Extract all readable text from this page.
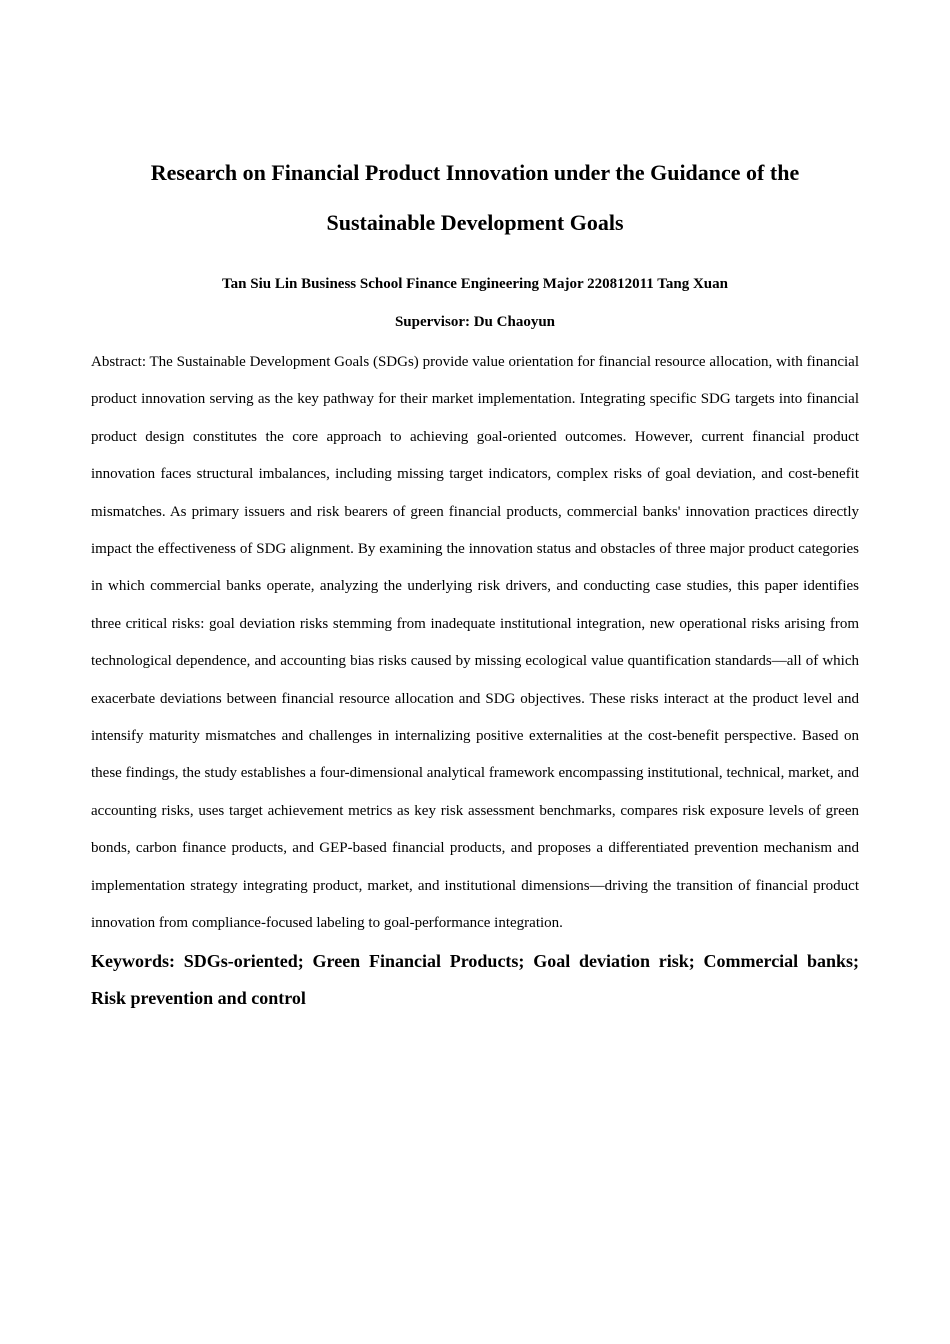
Research on Financial Product Innovation under the Guidance of the
Sustainable Development Goals

Tan Siu Lin Business School Finance Engineering Major 220812011 Tang Xuan

Supervisor: Du Chaoyun

Abstract: The Sustainable Development Goals (SDGs) provide value orientation for financial resource allocation, with financial product innovation serving as the key pathway for their market implementation. Integrating specific SDG targets into financial product design constitutes the core approach to achieving goal-oriented outcomes. However, current financial product innovation faces structural imbalances, including missing target indicators, complex risks of goal deviation, and cost-benefit mismatches. As primary issuers and risk bearers of green financial products, commercial banks' innovation practices directly impact the effectiveness of SDG alignment. By examining the innovation status and obstacles of three major product categories in which commercial banks operate, analyzing the underlying risk drivers, and conducting case studies, this paper identifies three critical risks: goal deviation risks stemming from inadequate institutional integration, new operational risks arising from technological dependence, and accounting bias risks caused by missing ecological value quantification standards—all of which exacerbate deviations between financial resource allocation and SDG objectives. These risks interact at the product level and intensify maturity mismatches and challenges in internalizing positive externalities at the cost-benefit perspective. Based on these findings, the study establishes a four-dimensional analytical framework encompassing institutional, technical, market, and accounting risks, uses target achievement metrics as key risk assessment benchmarks, compares risk exposure levels of green bonds, carbon finance products, and GEP-based financial products, and proposes a differentiated prevention mechanism and implementation strategy integrating product, market, and institutional dimensions—driving the transition of financial product innovation from compliance-focused labeling to goal-performance integration.

Keywords: SDGs-oriented; Green Financial Products; Goal deviation risk; Commercial banks; Risk prevention and control
